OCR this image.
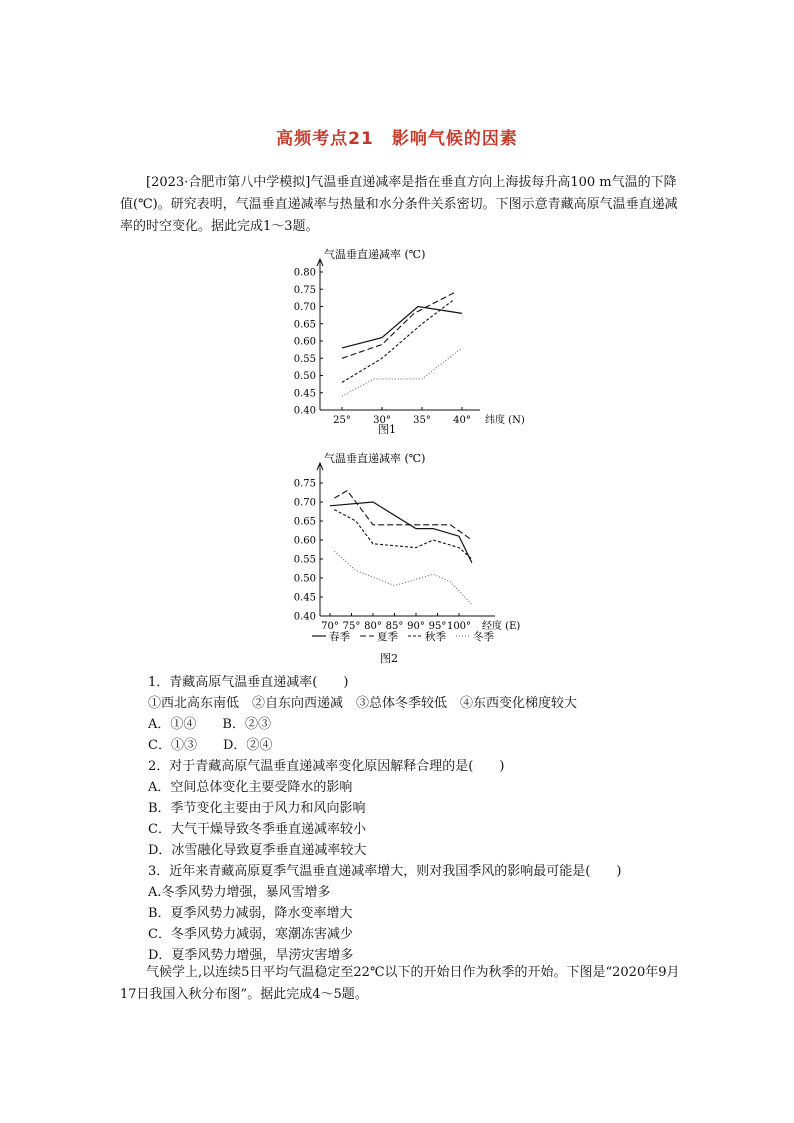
高频考点21　影响气候的因素

[2023·合肥市第八中学模拟]气温垂直递减率是指在垂直方向上海拔每升高100 m气温的下降值(℃)。研究表明，气温垂直递减率与热量和水分条件关系密切。下图示意青藏高原气温垂直递减率的时空变化。据此完成1～3题。

气温垂直递减率 (℃)
0.40
0.45
0.50
0.55
0.60
0.65
0.70
0.75
0.80
25° 30° 35° 40° 纬度 (N)
图1
气温垂直递减率 (℃)
0.40
0.45
0.50
0.55
0.60
0.65
0.70
0.75
70° 75° 80° 85° 90° 95° 100° 经度 (E)
图2
春季	夏季	秋季	冬季
1．青藏高原气温垂直递减率(　　)
①西北高东南低　②自东向西递减　③总体冬季较低　④东西变化梯度较大
A．①④　　B．②③
C．①③　　D．②④
2．对于青藏高原气温垂直递减率变化原因解释合理的是(　　)
A．空间总体变化主要受降水的影响
B．季节变化主要由于风力和风向影响
C．大气干燥导致冬季垂直递减率较小
D．冰雪融化导致夏季垂直递减率较大
3．近年来青藏高原夏季气温垂直递减率增大，则对我国季风的影响最可能是(　　)
A.冬季风势力增强，暴风雪增多
B．夏季风势力减弱，降水变率增大
C．冬季风势力减弱，寒潮冻害减少
D．夏季风势力增强，旱涝灾害增多

气候学上,以连续5日平均气温稳定至22℃以下的开始日作为秋季的开始。下图是“2020年9月17日我国入秋分布图”。据此完成4～5题。
